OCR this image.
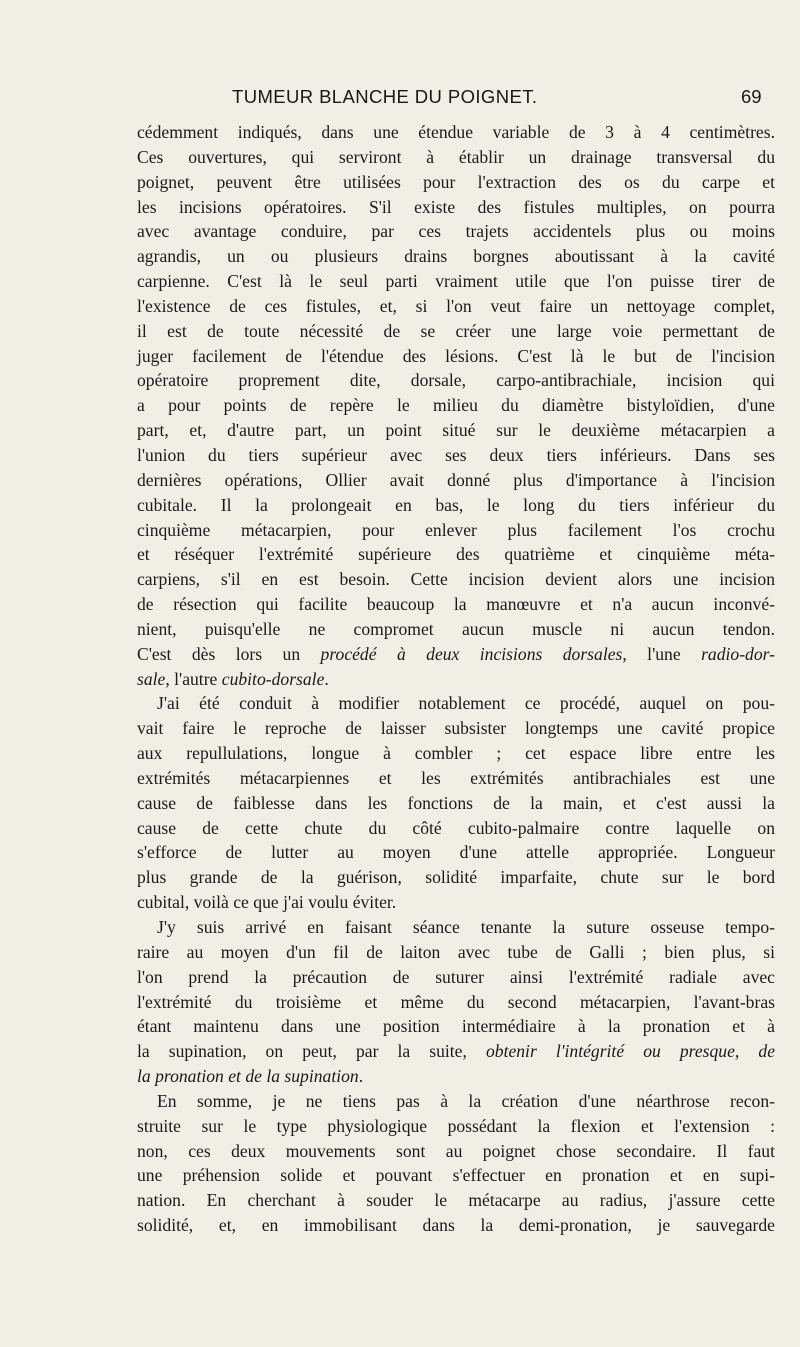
TUMEUR BLANCHE DU POIGNET.	69
cédemment indiqués, dans une étendue variable de 3 à 4 centimètres.
Ces ouvertures, qui serviront à établir un drainage transversal du
poignet, peuvent être utilisées pour l'extraction des os du carpe et
les incisions opératoires. S'il existe des fistules multiples, on pourra
avec avantage conduire, par ces trajets accidentels plus ou moins
agrandis, un ou plusieurs drains borgnes aboutissant à la cavité
carpienne. C'est là le seul parti vraiment utile que l'on puisse tirer de
l'existence de ces fistules, et, si l'on veut faire un nettoyage complet,
il est de toute nécessité de se créer une large voie permettant de
juger facilement de l'étendue des lésions. C'est là le but de l'incision
opératoire proprement dite, dorsale, carpo-antibrachiale, incision qui
a pour points de repère le milieu du diamètre bistyloïdien, d'une
part, et, d'autre part, un point situé sur le deuxième métacarpien a
l'union du tiers supérieur avec ses deux tiers inférieurs. Dans ses
dernières opérations, Ollier avait donné plus d'importance à l'incision
cubitale. Il la prolongeait en bas, le long du tiers inférieur du
cinquième métacarpien, pour enlever plus facilement l'os crochu
et réséquer l'extrémité supérieure des quatrième et cinquième méta-
carpiens, s'il en est besoin. Cette incision devient alors une incision
de résection qui facilite beaucoup la manœuvre et n'a aucun inconvé-
nient, puisqu'elle ne compromet aucun muscle ni aucun tendon.
C'est dès lors un procédé à deux incisions dorsales, l'une radio-dor-
sale, l'autre cubito-dorsale.
J'ai été conduit à modifier notablement ce procédé, auquel on pou-
vait faire le reproche de laisser subsister longtemps une cavité propice
aux repullulations, longue à combler ; cet espace libre entre les
extrémités métacarpiennes et les extrémités antibrachiales est une
cause de faiblesse dans les fonctions de la main, et c'est aussi la
cause de cette chute du côté cubito-palmaire contre laquelle on
s'efforce de lutter au moyen d'une attelle appropriée. Longueur
plus grande de la guérison, solidité imparfaite, chute sur le bord
cubital, voilà ce que j'ai voulu éviter.
J'y suis arrivé en faisant séance tenante la suture osseuse tempo-
raire au moyen d'un fil de laiton avec tube de Galli ; bien plus, si
l'on prend la précaution de suturer ainsi l'extrémité radiale avec
l'extrémité du troisième et même du second métacarpien, l'avant-bras
étant maintenu dans une position intermédiaire à la pronation et à
la supination, on peut, par la suite, obtenir l'intégrité ou presque, de
la pronation et de la supination.
En somme, je ne tiens pas à la création d'une néarthrose recon-
struite sur le type physiologique possédant la flexion et l'extension :
non, ces deux mouvements sont au poignet chose secondaire. Il faut
une préhension solide et pouvant s'effectuer en pronation et en supi-
nation. En cherchant à souder le métacarpe au radius, j'assure cette
solidité, et, en immobilisant dans la demi-pronation, je sauvegarde
